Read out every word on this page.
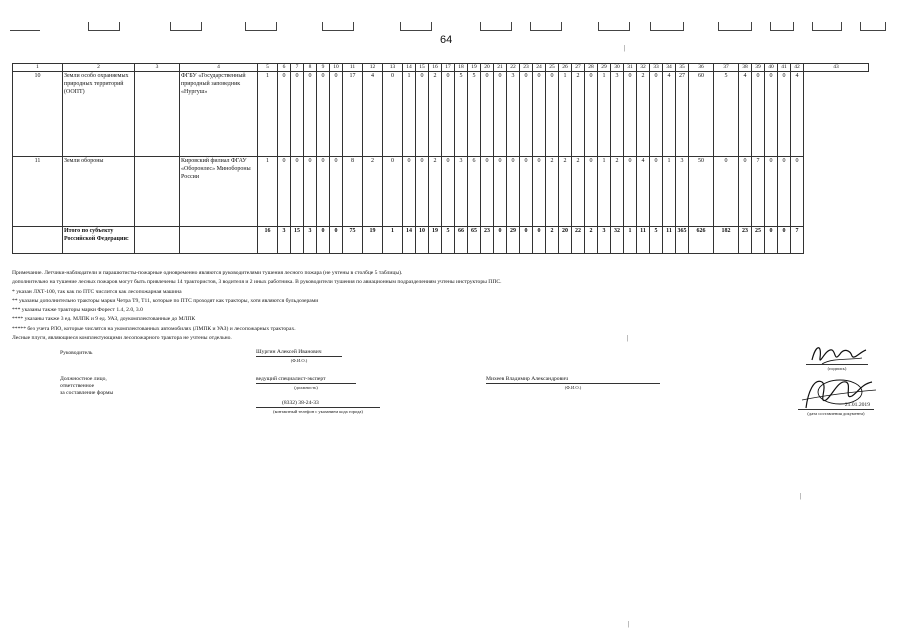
64
1	2	3	4	5	6	7	8	9	10	11	12	13	14	15	16	17	18	19	20	21	22	23	24	25	26	27	28	29	30	31	32	33	34	35	36	37	38	39	40	41	42	43
10	Земли особо охраняемых природных территорий (ООПТ)		ФГБУ «Государственный природный заповедник «Нургуш»	1	0	0	0	0	0	17	4	0	1	0	2	0	5	5	0	0	3	0	0	0	1	2	0	1	3	0	2	0	4	27	60	5	4	0	0	0	4	
11	Земли обороны		Кировский филиал ФГАУ «Оборонлес» Минобороны России	1	0	0	0	0	0	8	2	0	0	0	2	0	3	6	0	0	0	0	0	2	2	2	0	1	2	0	4	0	1	3	50	0	0	7	0	0	0	
	Итого по субъекту Российской Федерации:			16	3	15	3	0	0	75	19	1	14	10	19	5	66	65	23	0	29	0	0	2	20	22	2	3	32	1	11	5	11	365	626	182	23	25	0	0	7	
Примечание. Летчики-наблюдатели и парашютисты-пожарные одновременно являются руководителями тушения лесного пожара (не учтены в столбце 5 таблицы).
дополнительно на тушение лесных пожаров могут быть привлечены 14 трактористов, 3 водителя и 2 иных работника. В руководители тушения по авиационным подразделениям учтены инструкторы ППС.
* указан ЛХТ-100, так как по ПТС числится как лесопожарная машина
** указаны дополнительно тракторы марки Четра Т9, Т11, которые по ПТС проходят как тракторы, хотя являются бульдозерами
*** указаны также тракторы марки Форест 1.4, 2.0, 3.0
**** указаны также 3 ед. МЛПК и 9 ед. УАЗ, доукомплектованные до МЛПК
***** без учета РЛО, которые числятся на укомплектованных автомобилях (ЛМПК и УАЗ) и лесопожарных тракторах.
Лесные плуги, являющиеся комплектующими лесопожарного трактора не учтены отдельно.
Руководитель	Шургин Алексей Иванович
(Ф.И.О.)
Должностное лицо,
ответственное
за составление формы
ведущий специалист-эксперт
(должность)
Михеев Владимир Александрович
(Ф.И.О.)
(8332) 38-24-33
(контактный телефон с указанием кода города)
(подпись)
21.01.2019
(дата составления документа)
|
|
|
|
